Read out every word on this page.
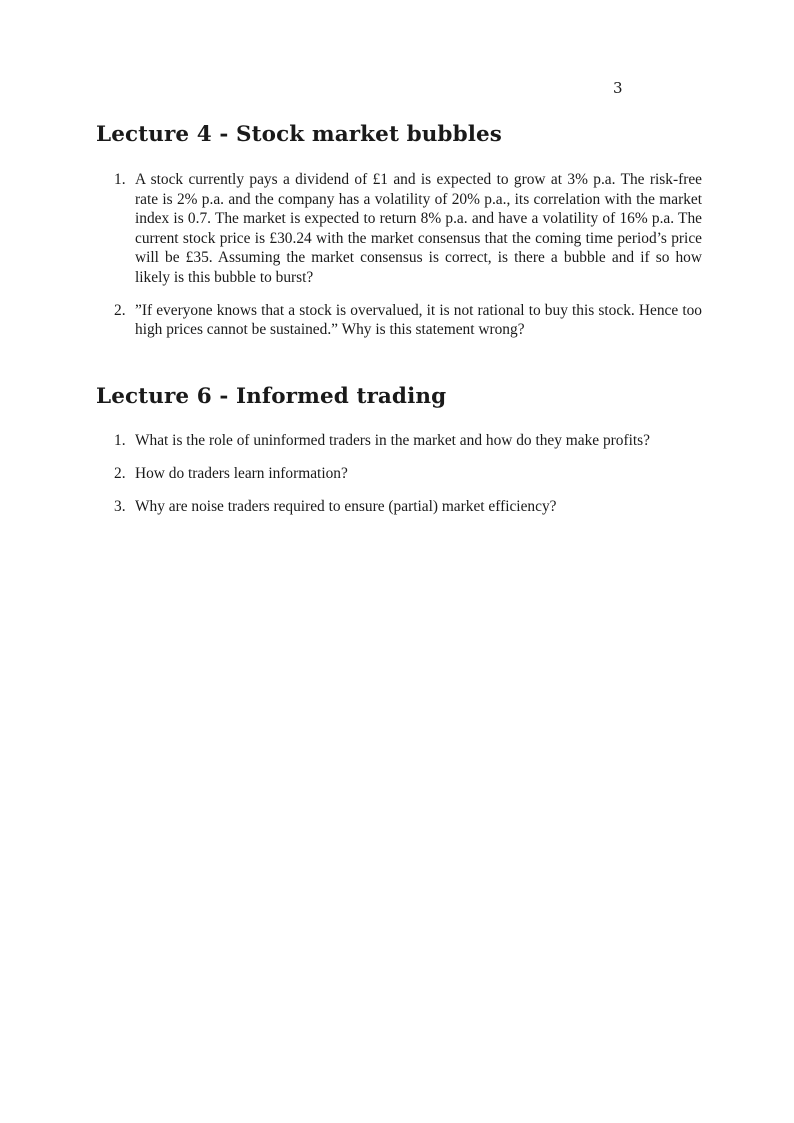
3
Lecture 4 - Stock market bubbles
1. A stock currently pays a dividend of £1 and is expected to grow at 3% p.a. The risk-free rate is 2% p.a. and the company has a volatility of 20% p.a., its correlation with the market index is 0.7. The market is expected to return 8% p.a. and have a volatility of 16% p.a. The current stock price is £30.24 with the market consensus that the coming time period’s price will be £35. Assuming the market consensus is correct, is there a bubble and if so how likely is this bubble to burst?
2. ”If everyone knows that a stock is overvalued, it is not rational to buy this stock. Hence too high prices cannot be sustained.” Why is this statement wrong?
Lecture 6 - Informed trading
1. What is the role of uninformed traders in the market and how do they make profits?
2. How do traders learn information?
3. Why are noise traders required to ensure (partial) market efficiency?
